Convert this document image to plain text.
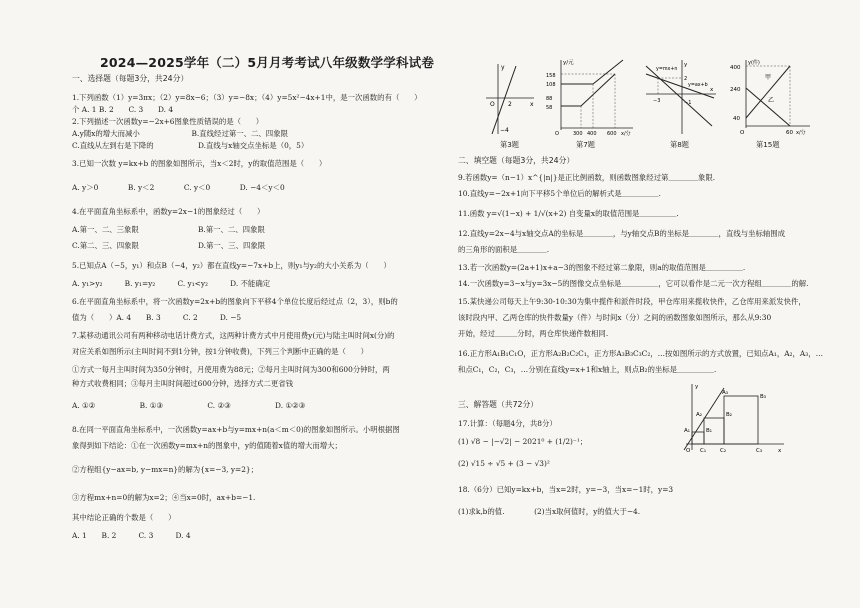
2024—2025学年（二）5月月考考试八年级数学学科试卷
一、选择题（每题3分，共24分）
1.下列函数（1）y=3πx；（2）y=8x−6；（3）y=−8x；（4）y=5x²−4x+1中，是一次函数的有（　　）
个 A. 1 B. 2　　C. 3　　D. 4
2.下列描述一次函数y=−2x+6图象性质错误的是（　　）
A.y随x的增大而减小　　　　　　　B.直线经过第一、二、四象限
C.直线从左到右是下降的　　　　　　D.直线与x轴交点坐标是（0，5）
3.已知一次数 y=kx+b 的图象如图所示，当x＜2时，y的取值范围是（　　）
A. y＞0　　　　B. y＜2　　　　C. y＜0　　　　D. −4＜y＜0
4.在平面直角坐标系中，函数y=2x−1的图象经过（　　）
A.第一、二、三象限　　　　　　　　B.第一、二、四象限
C.第二、三、四象限　　　　　　　　D.第一、三、四象限
5.已知点A（−5，y₁）和点B（−4，y₂）都在直线y=−7x+b上，则y₁与y₂的大小关系为（　　）
A. y₁>y₂　　　B. y₁=y₂　　　C. y₁<y₂　　　D. 不能确定
6.在平面直角坐标系中，将一次函数y=2x+b的图象向下平移4个单位长度后经过点（2，3），则b的
值为（　　）A. 4　　B. 3　　　C. 2　　　D. −5
7.某移动通讯公司有两种移动电话计费方式，这两种计费方式中月使用费y(元)与陆主叫时间x(分)的
对应关系如图所示(主叫时间不到1分钟，按1分钟收费)，下列三个判断中正确的是（　　）
①方式一每月主叫时间为350分钟时，月使用费为88元；②每月主叫时间为300和600分钟时，两
种方式收费相同；③每月主叫时间超过600分钟，选择方式二更省钱
A. ①②　　　　　　B. ①③　　　　　　C. ②③　　　　　　D. ①②③
8.在同一平面直角坐标系中，一次函数y=ax+b与y=mx+n(a＜m＜0)的图象如图所示。小明根据图
象得到如下结论：①在一次函数y=mx+n的图象中，y的值随着x值的增大而增大；
②方程组{y−ax=b, y−mx=n}的解为{x=−3, y=2}；
③方程mx+n=0的解为x=2；④当x=0时，ax+b=−1.
其中结论正确的个数是（　　）
A. 1　　B. 2　　　C. 3　　　D. 4
y
x
O 2
−4
y/元
158
108
88
58
O	300 400 600 x/分
y
x
y=mx+n
y=ax+b
2
−3	−1
y(件)
400
240
40
甲
乙
O	60 x/分
第3题	第7题	第8题	第15题
二、填空题（每题3分，共24分）
9.若函数y=（n−1）x^{|n|}是正比例函数，则函数图象经过第＿＿＿＿象限.
10.直线y=−2x+1向下平移5个单位后的解析式是＿＿＿＿＿.
11.函数 y=√(1−x) + 1/√(x+2) 自变量x的取值范围是＿＿＿＿＿.
12.直线y=2x−4与x轴交点A的坐标是＿＿＿＿，与y轴交点B的坐标是＿＿＿＿，直线与坐标轴围成
的三角形的面积是＿＿＿＿.
13.若一次函数y=(2a+1)x+a−3的图象不经过第二象限，则a的取值范围是＿＿＿＿＿.
14.一次函数y=3−x与y=3x−5的图像交点坐标是＿＿＿＿＿，它可以看作是二元一次方程组＿＿＿＿的解.
15.某快递公司每天上午9:30-10:30为集中揽件和派件时段，甲仓库用来揽收快件，乙仓库用来派发快件，
该时段内甲、乙两仓库的快件数量y（件）与时间x（分）之间的函数图象如图所示，那么从9:30
开始，经过＿＿＿分时，两仓库快递件数相同.
16.正方形A₁B₁C₁O，正方形A₂B₂C₂C₁，正方形A₃B₃C₃C₂，…按如图所示的方式放置，已知点A₁，A₂，A₃，…
和点C₁，C₂，C₃，…分别在直线y=x+1和x轴上，则点B₂的坐标是＿＿＿＿＿.
三、解答题（共72分）
17.计算：（每题4分，共8分）
(1) √8 − |−√2| − 2021⁰ + (1/2)⁻¹；
(2) √15 ÷ √5 + (3 − √3)²
18.（6分）已知y=kx+b，当x=2时，y=−3，当x=−1时，y=3
(1)求k,b的值.　　　　(2)当x取何值时，y的值大于−4.
y
A₃
B₃
A₂	B₂
A₁	B₁
O C₁	C₂	C₃	x
